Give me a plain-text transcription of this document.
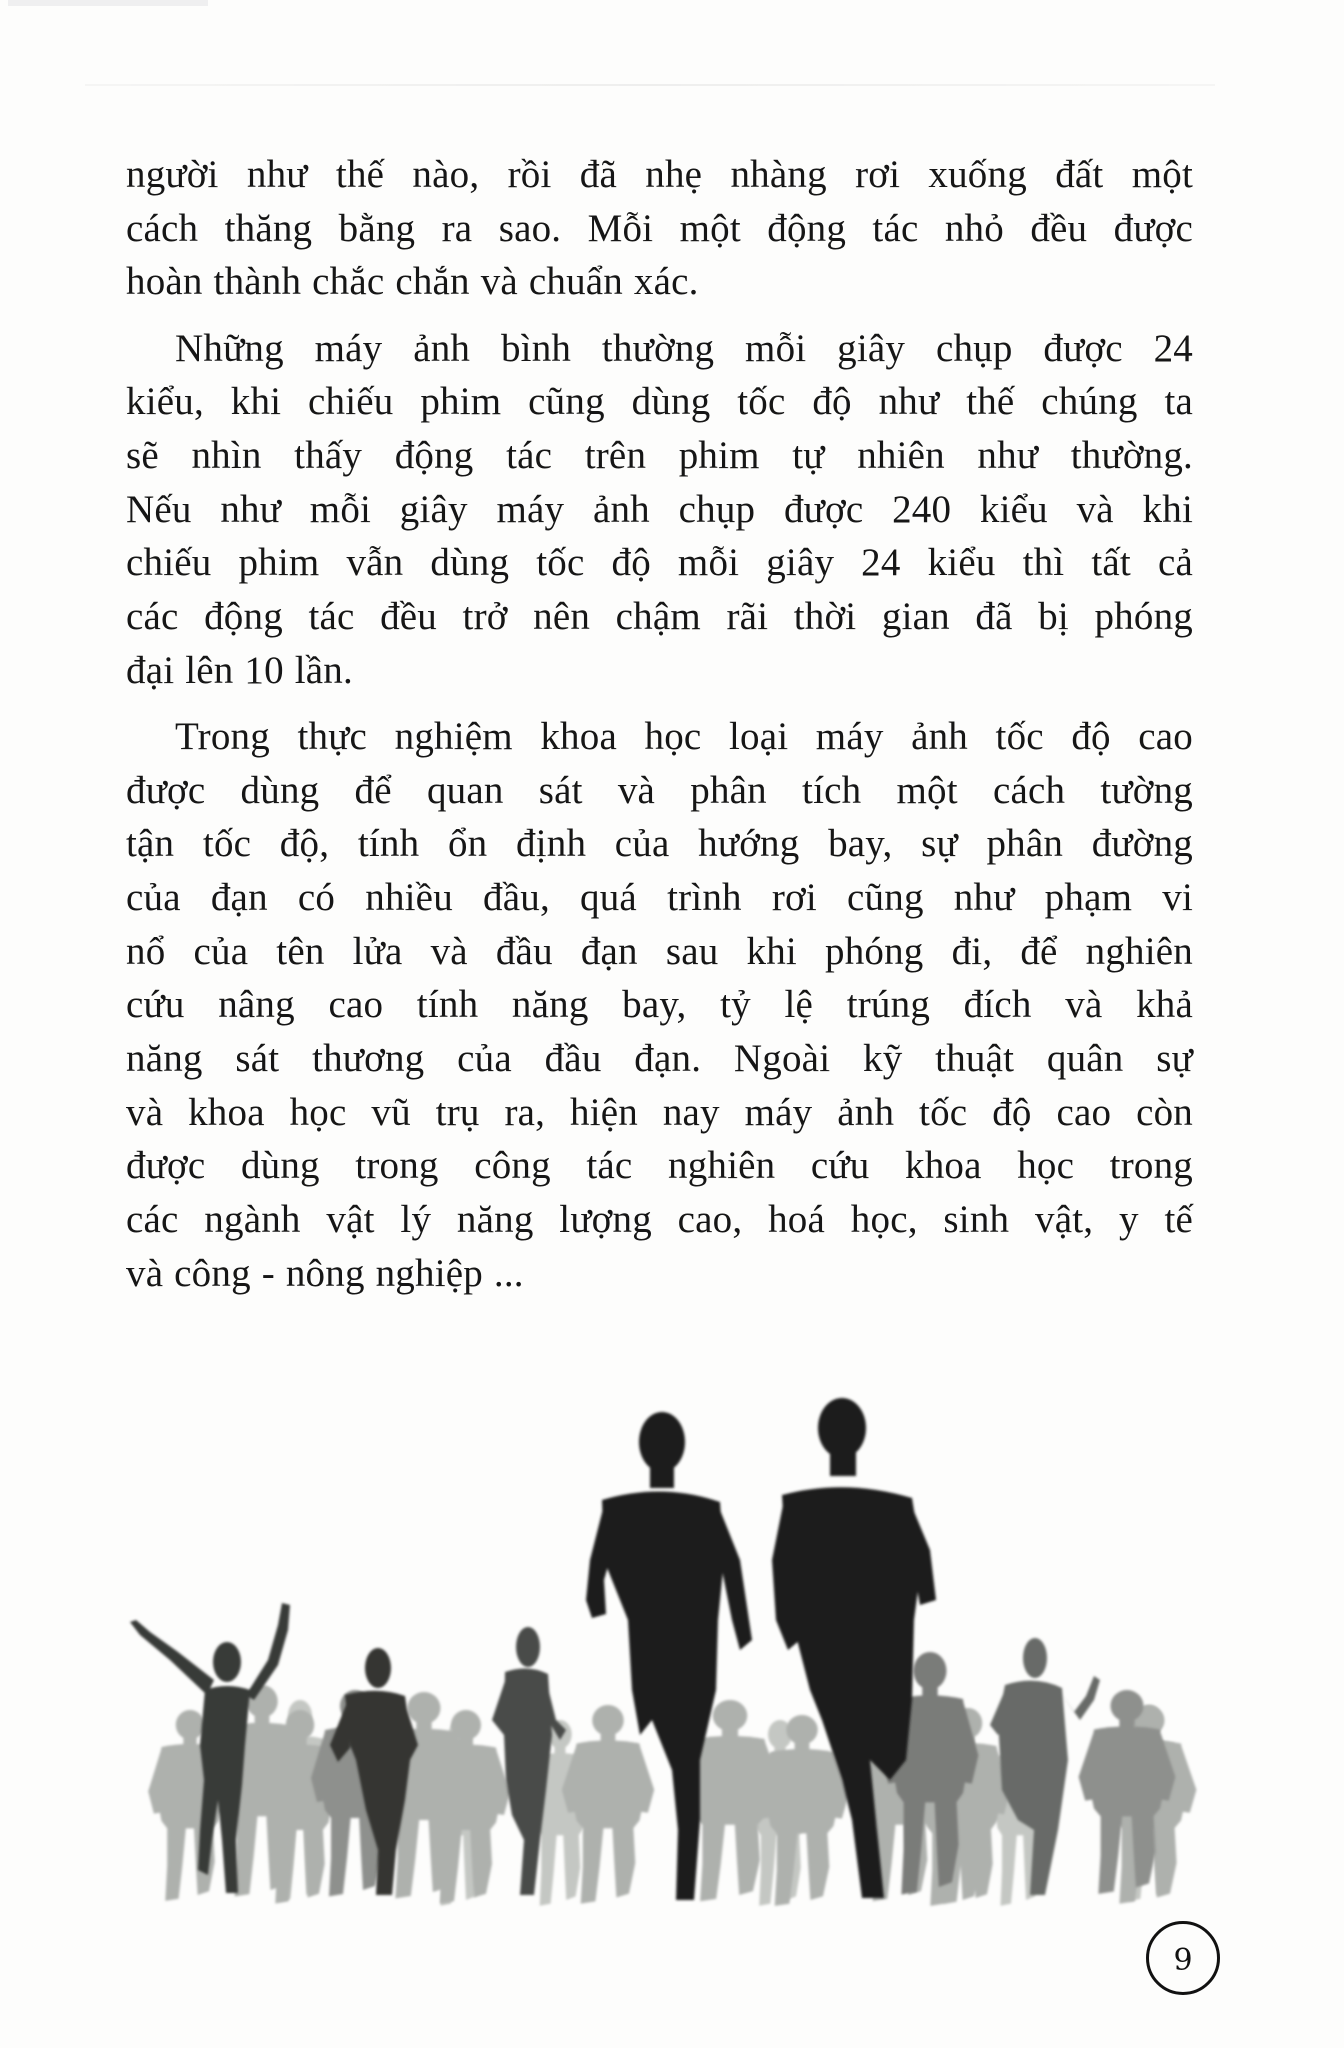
người như thế nào, rồi đã nhẹ nhàng rơi xuống đất một
cách thăng bằng ra sao. Mỗi một động tác nhỏ đều được
hoàn thành chắc chắn và chuẩn xác.

Những máy ảnh bình thường mỗi giây chụp được 24
kiểu, khi chiếu phim cũng dùng tốc độ như thế chúng ta
sẽ nhìn thấy động tác trên phim tự nhiên như thường.
Nếu như mỗi giây máy ảnh chụp được 240 kiểu và khi
chiếu phim vẫn dùng tốc độ mỗi giây 24 kiểu thì tất cả
các động tác đều trở nên chậm rãi thời gian đã bị phóng
đại lên 10 lần.

Trong thực nghiệm khoa học loại máy ảnh tốc độ cao
được dùng để quan sát và phân tích một cách tường
tận tốc độ, tính ổn định của hướng bay, sự phân đường
của đạn có nhiều đầu, quá trình rơi cũng như phạm vi
nổ của tên lửa và đầu đạn sau khi phóng đi, để nghiên
cứu nâng cao tính năng bay, tỷ lệ trúng đích và khả
năng sát thương của đầu đạn. Ngoài kỹ thuật quân sự
và khoa học vũ trụ ra, hiện nay máy ảnh tốc độ cao còn
được dùng trong công tác nghiên cứu khoa học trong
các ngành vật lý năng lượng cao, hoá học, sinh vật, y tế
và công - nông nghiệp ...

9
